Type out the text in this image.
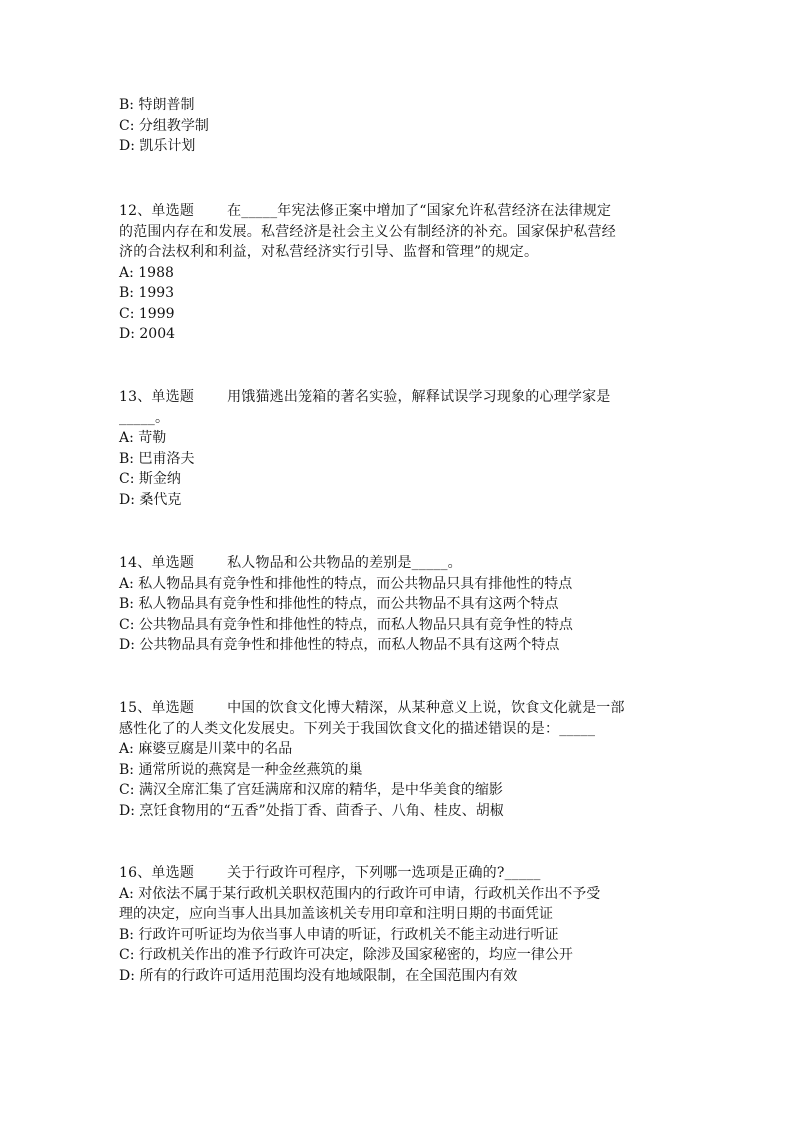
B: 特朗普制
C: 分组教学制
D: 凯乐计划
12、单选题 　　在_____年宪法修正案中增加了“国家允许私营经济在法律规定
的范围内存在和发展。私营经济是社会主义公有制经济的补充。国家保护私营经
济的合法权利和利益，对私营经济实行引导、监督和管理”的规定。
A: 1988
B: 1993
C: 1999
D: 2004
13、单选题 　　用饿猫逃出笼箱的著名实验，解释试误学习现象的心理学家是
_____。
A: 苛勒
B: 巴甫洛夫
C: 斯金纳
D: 桑代克
14、单选题 　　私人物品和公共物品的差别是_____。
A: 私人物品具有竞争性和排他性的特点，而公共物品只具有排他性的特点
B: 私人物品具有竞争性和排他性的特点，而公共物品不具有这两个特点
C: 公共物品具有竞争性和排他性的特点，而私人物品只具有竞争性的特点
D: 公共物品具有竞争性和排他性的特点，而私人物品不具有这两个特点
15、单选题 　　中国的饮食文化博大精深，从某种意义上说，饮食文化就是一部
感性化了的人类文化发展史。下列关于我国饮食文化的描述错误的是：_____
A: 麻婆豆腐是川菜中的名品
B: 通常所说的燕窝是一种金丝燕筑的巢
C: 满汉全席汇集了宫廷满席和汉席的精华，是中华美食的缩影
D: 烹饪食物用的“五香”处指丁香、茴香子、八角、桂皮、胡椒
16、单选题 　　关于行政许可程序，下列哪一选项是正确的?_____
A: 对依法不属于某行政机关职权范围内的行政许可申请，行政机关作出不予受
理的决定，应向当事人出具加盖该机关专用印章和注明日期的书面凭证
B: 行政许可听证均为依当事人申请的听证，行政机关不能主动进行听证
C: 行政机关作出的准予行政许可决定，除涉及国家秘密的，均应一律公开
D: 所有的行政许可适用范围均没有地域限制，在全国范围内有效
